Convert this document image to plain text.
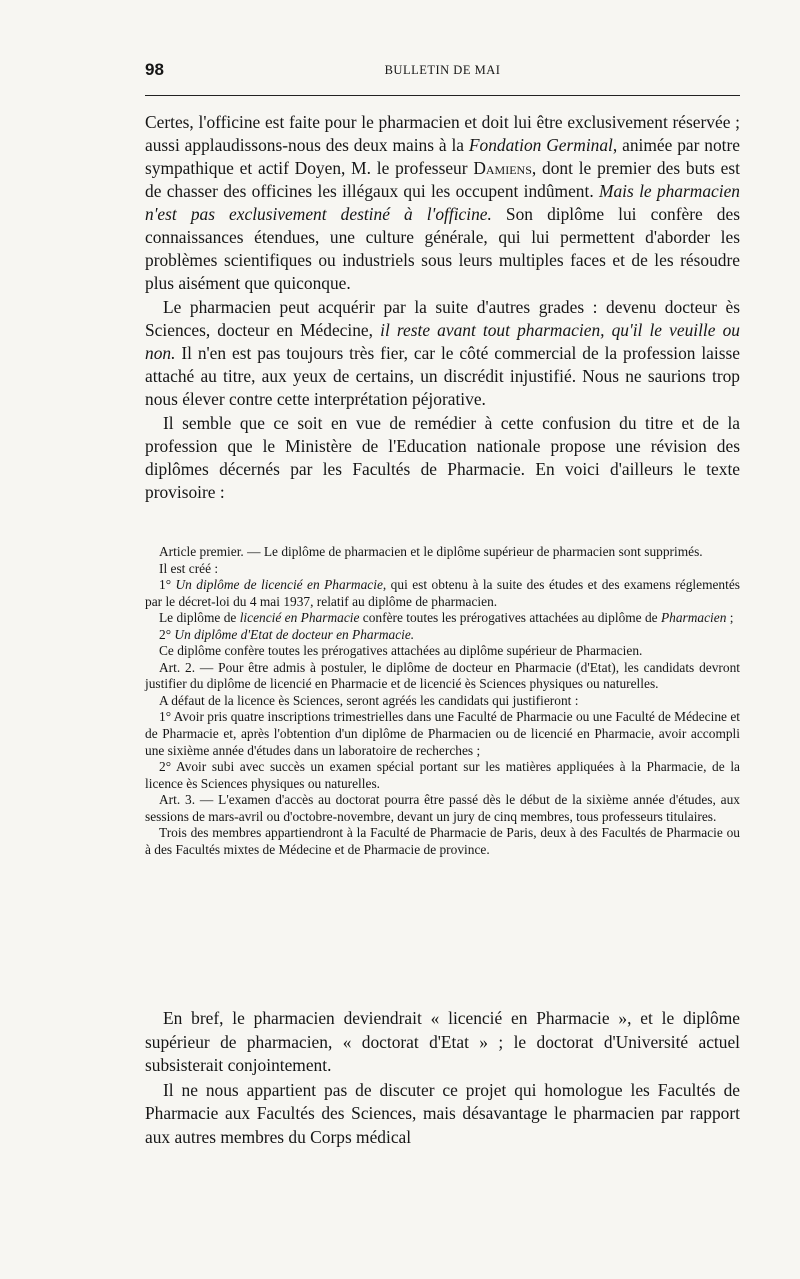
98	BULLETIN DE MAI

Certes, l'officine est faite pour le pharmacien et doit lui être exclusivement réservée ; aussi applaudissons-nous des deux mains à la Fondation Germinal, animée par notre sympathique et actif Doyen, M. le professeur Damiens, dont le premier des buts est de chasser des officines les illégaux qui les occupent indûment. Mais le pharmacien n'est pas exclusivement destiné à l'officine. Son diplôme lui confère des connaissances étendues, une culture générale, qui lui permettent d'aborder les problèmes scientifiques ou industriels sous leurs multiples faces et de les résoudre plus aisément que quiconque.

Le pharmacien peut acquérir par la suite d'autres grades : devenu docteur ès Sciences, docteur en Médecine, il reste avant tout pharmacien, qu'il le veuille ou non. Il n'en est pas toujours très fier, car le côté commercial de la profession laisse attaché au titre, aux yeux de certains, un discrédit injustifié. Nous ne saurions trop nous élever contre cette interprétation péjorative.

Il semble que ce soit en vue de remédier à cette confusion du titre et de la profession que le Ministère de l'Education nationale propose une révision des diplômes décernés par les Facultés de Pharmacie. En voici d'ailleurs le texte provisoire :

Article premier. — Le diplôme de pharmacien et le diplôme supérieur de pharmacien sont supprimés.

Il est créé :

1° Un diplôme de licencié en Pharmacie, qui est obtenu à la suite des études et des examens réglementés par le décret-loi du 4 mai 1937, relatif au diplôme de pharmacien.

Le diplôme de licencié en Pharmacie confère toutes les prérogatives attachées au diplôme de Pharmacien ;

2° Un diplôme d'Etat de docteur en Pharmacie.

Ce diplôme confère toutes les prérogatives attachées au diplôme supérieur de Pharmacien.

Art. 2. — Pour être admis à postuler, le diplôme de docteur en Pharmacie (d'Etat), les candidats devront justifier du diplôme de licencié en Pharmacie et de licencié ès Sciences physiques ou naturelles.

A défaut de la licence ès Sciences, seront agréés les candidats qui justifieront :

1° Avoir pris quatre inscriptions trimestrielles dans une Faculté de Pharmacie ou une Faculté de Médecine et de Pharmacie et, après l'obtention d'un diplôme de Pharmacien ou de licencié en Pharmacie, avoir accompli une sixième année d'études dans un laboratoire de recherches ;

2° Avoir subi avec succès un examen spécial portant sur les matières appliquées à la Pharmacie, de la licence ès Sciences physiques ou naturelles.

Art. 3. — L'examen d'accès au doctorat pourra être passé dès le début de la sixième année d'études, aux sessions de mars-avril ou d'octobre-novembre, devant un jury de cinq membres, tous professeurs titulaires.

Trois des membres appartiendront à la Faculté de Pharmacie de Paris, deux à des Facultés de Pharmacie ou à des Facultés mixtes de Médecine et de Pharmacie de province.

En bref, le pharmacien deviendrait « licencié en Pharmacie », et le diplôme supérieur de pharmacien, « doctorat d'Etat » ; le doctorat d'Université actuel subsisterait conjointement.

Il ne nous appartient pas de discuter ce projet qui homologue les Facultés de Pharmacie aux Facultés des Sciences, mais désavantage le pharmacien par rapport aux autres membres du Corps médical
